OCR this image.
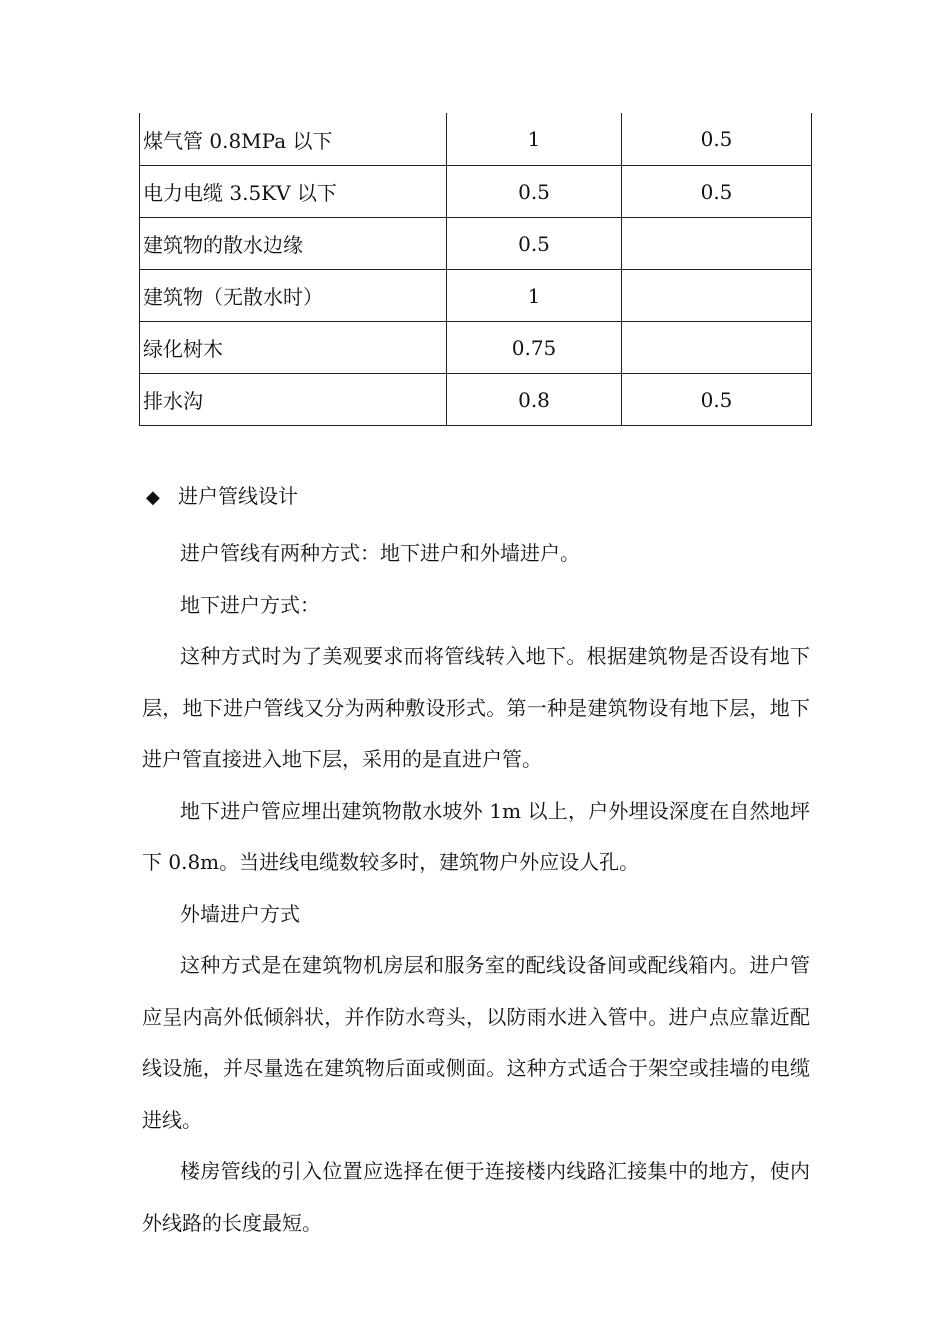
煤气管 0.8MPa 以下	1	0.5
电力电缆 3.5KV 以下	0.5	0.5
建筑物的散水边缘	0.5	
建筑物（无散水时）	1	
绿化树木	0.75	
排水沟	0.8	0.5
◆ 进户管线设计

进户管线有两种方式：地下进户和外墙进户。

地下进户方式：

这种方式时为了美观要求而将管线转入地下。根据建筑物是否设有地下层，地下进户管线又分为两种敷设形式。第一种是建筑物设有地下层，地下进户管直接进入地下层，采用的是直进户管。

地下进户管应埋出建筑物散水坡外 1m 以上，户外埋设深度在自然地坪下 0.8m。当进线电缆数较多时，建筑物户外应设人孔。

外墙进户方式

这种方式是在建筑物机房层和服务室的配线设备间或配线箱内。进户管应呈内高外低倾斜状，并作防水弯头，以防雨水进入管中。进户点应靠近配线设施，并尽量选在建筑物后面或侧面。这种方式适合于架空或挂墙的电缆进线。

楼房管线的引入位置应选择在便于连接楼内线路汇接集中的地方，使内外线路的长度最短。
